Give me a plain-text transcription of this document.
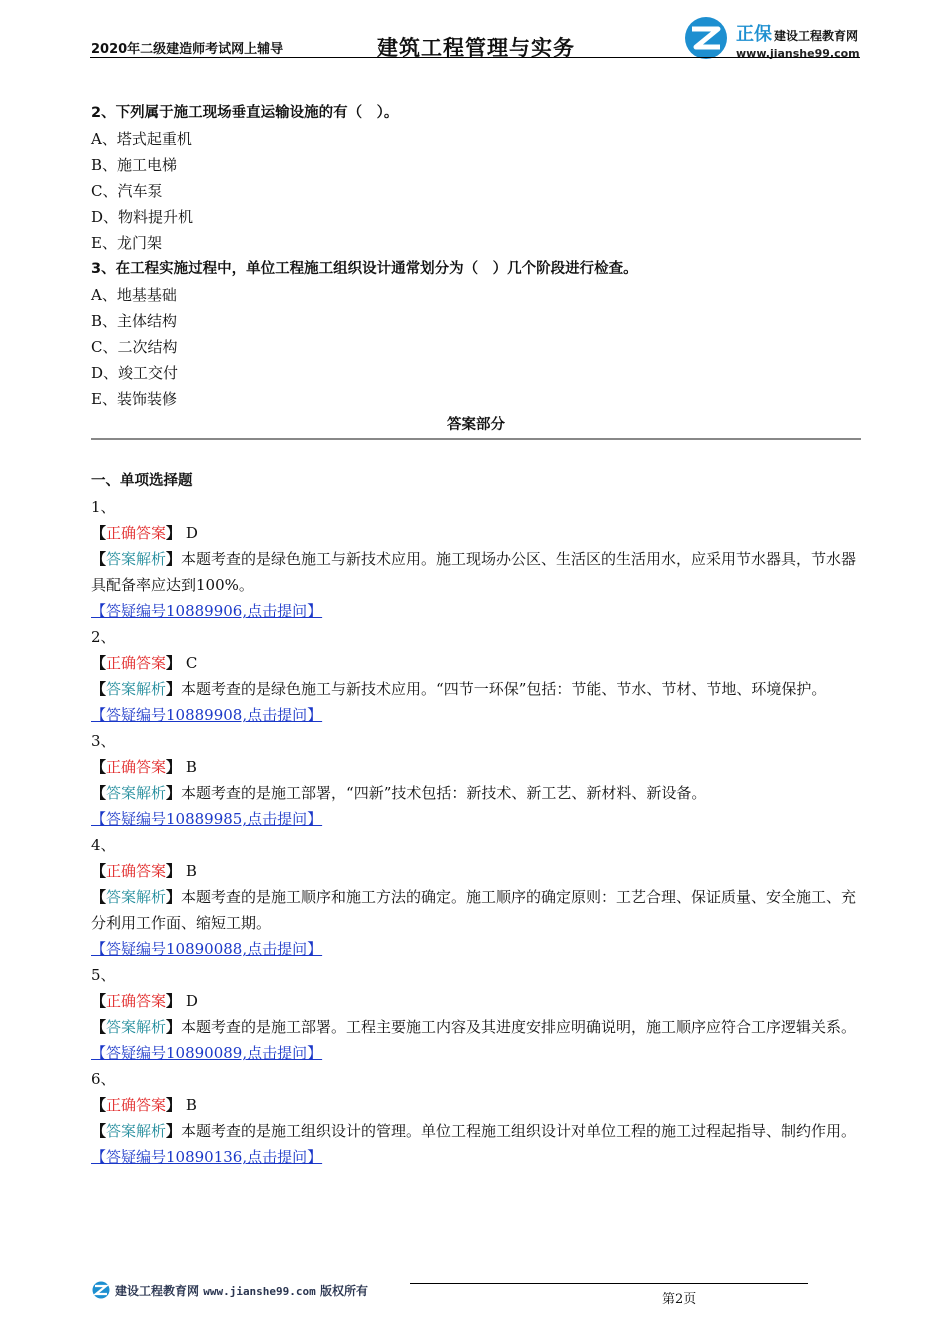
2020年二级建造师考试网上辅导	建筑工程管理与实务
正保 建设工程教育网
www.jianshe99.com
2、下列属于施工现场垂直运输设施的有（　）。
A、塔式起重机
B、施工电梯
C、汽车泵
D、物料提升机
E、龙门架
3、在工程实施过程中，单位工程施工组织设计通常划分为（　）几个阶段进行检查。
A、地基基础
B、主体结构
C、二次结构
D、竣工交付
E、装饰装修
答案部分
一、单项选择题
1、
【正确答案】 D
【答案解析】本题考查的是绿色施工与新技术应用。施工现场办公区、生活区的生活用水，应采用节水器具，节水器具配备率应达到100%。
【答疑编号10889906,点击提问】
2、
【正确答案】 C
【答案解析】本题考查的是绿色施工与新技术应用。“四节一环保”包括：节能、节水、节材、节地、环境保护。
【答疑编号10889908,点击提问】
3、
【正确答案】 B
【答案解析】本题考查的是施工部署，“四新”技术包括：新技术、新工艺、新材料、新设备。
【答疑编号10889985,点击提问】
4、
【正确答案】 B
【答案解析】本题考查的是施工顺序和施工方法的确定。施工顺序的确定原则：工艺合理、保证质量、安全施工、充分利用工作面、缩短工期。
【答疑编号10890088,点击提问】
5、
【正确答案】 D
【答案解析】本题考查的是施工部署。工程主要施工内容及其进度安排应明确说明，施工顺序应符合工序逻辑关系。
【答疑编号10890089,点击提问】
6、
【正确答案】 B
【答案解析】本题考查的是施工组织设计的管理。单位工程施工组织设计对单位工程的施工过程起指导、制约作用。
【答疑编号10890136,点击提问】
建设工程教育网 www.jianshe99.com 版权所有
第2页
